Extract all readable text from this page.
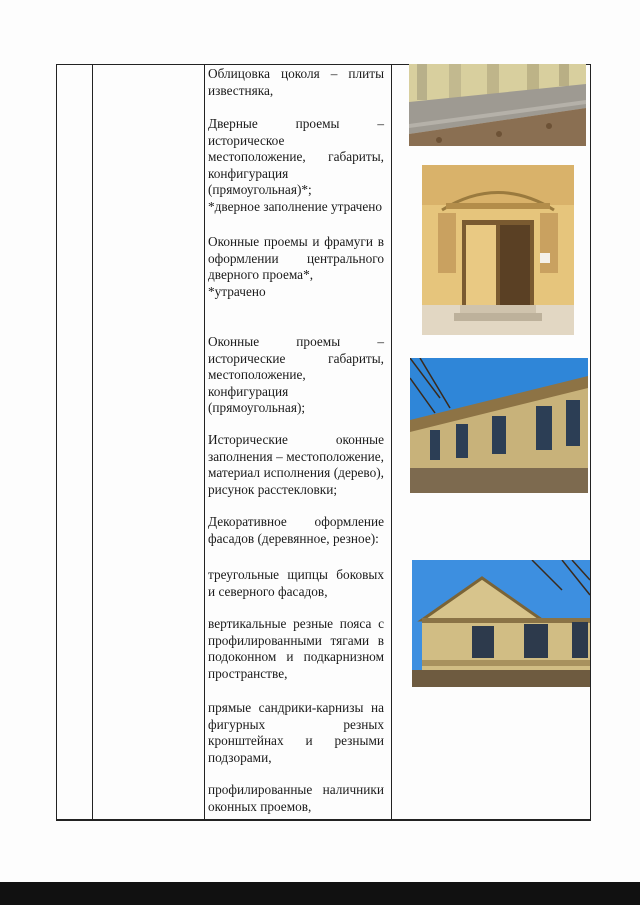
Облицовка цоколя – плиты известняка,

Дверные проемы – историческое местоположение, габариты, конфигурация (прямоугольная)*;

*дверное заполнение утрачено

Оконные проемы и фрамуги в оформлении центрального дверного проема*,

*утрачено

Оконные проемы – исторические габариты, местоположение, конфигурация (прямоугольная);

Исторические оконные заполнения – местоположение, материал исполнения (дерево), рисунок расстекловки;

Декоративное оформление фасадов (деревянное, резное):

треугольные щипцы боковых и северного фасадов,

вертикальные резные пояса с профилированными тягами в подоконном и подкарнизном пространстве,

прямые сандрики-карнизы на фигурных резных кронштейнах и резными подзорами,

профилированные наличники оконных проемов,
